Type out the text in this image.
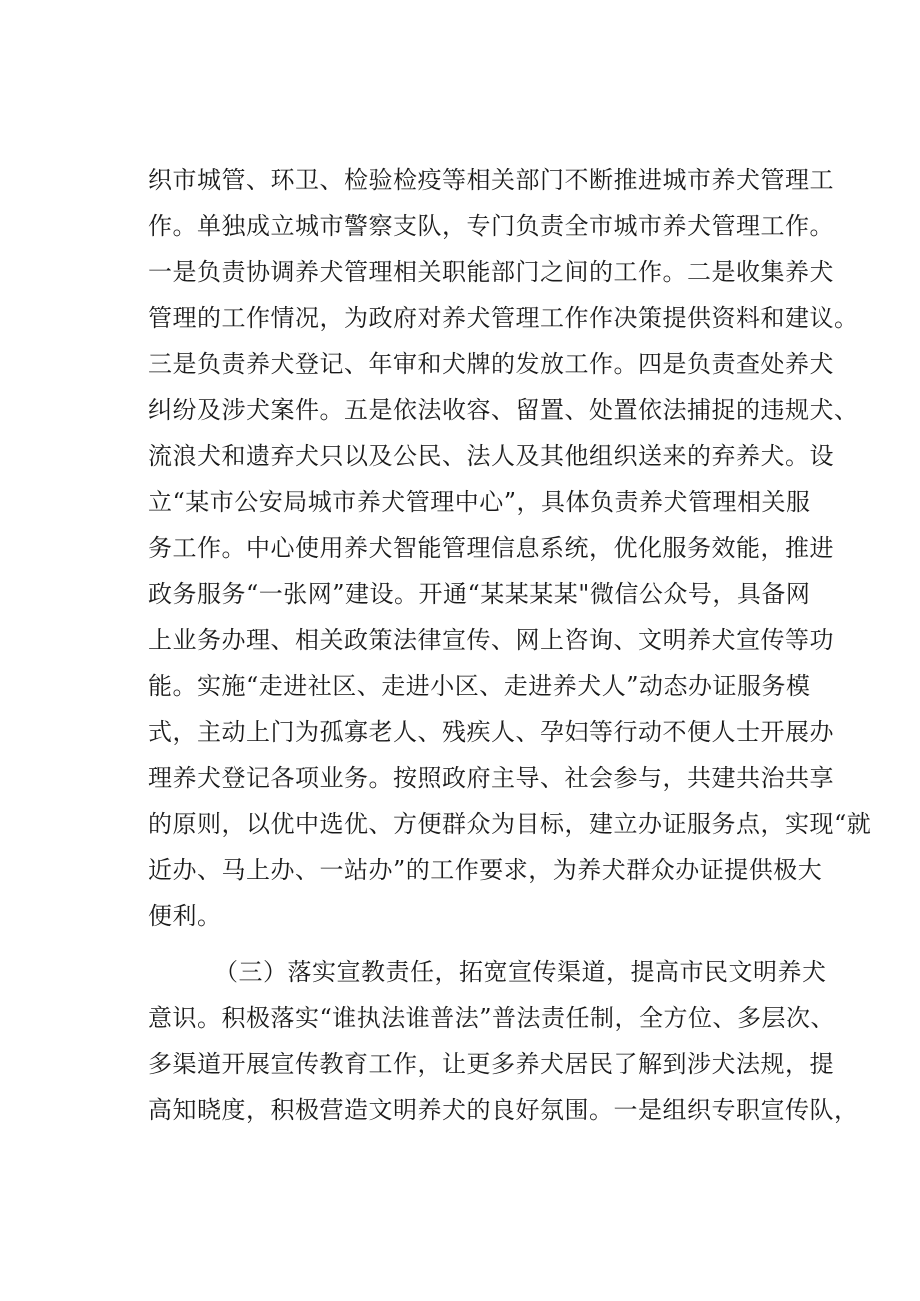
织市城管、环卫、检验检疫等相关部门不断推进城市养犬管理工
作。单独成立城市警察支队，专门负责全市城市养犬管理工作。
一是负责协调养犬管理相关职能部门之间的工作。二是收集养犬
管理的工作情况，为政府对养犬管理工作作决策提供资料和建议。
三是负责养犬登记、年审和犬牌的发放工作。四是负责查处养犬
纠纷及涉犬案件。五是依法收容、留置、处置依法捕捉的违规犬、
流浪犬和遗弃犬只以及公民、法人及其他组织送来的弃养犬。设
立“某市公安局城市养犬管理中心”，具体负责养犬管理相关服
务工作。中心使用养犬智能管理信息系统，优化服务效能，推进
政务服务“一张网”建设。开通“某某某某"微信公众号，具备网
上业务办理、相关政策法律宣传、网上咨询、文明养犬宣传等功
能。实施“走进社区、走进小区、走进养犬人”动态办证服务模
式，主动上门为孤寡老人、残疾人、孕妇等行动不便人士开展办
理养犬登记各项业务。按照政府主导、社会参与，共建共治共享
的原则，以优中选优、方便群众为目标，建立办证服务点，实现“就
近办、马上办、一站办”的工作要求，为养犬群众办证提供极大
便利。
（三）落实宣教责任，拓宽宣传渠道，提高市民文明养犬
意识。积极落实“谁执法谁普法”普法责任制，全方位、多层次、
多渠道开展宣传教育工作，让更多养犬居民了解到涉犬法规，提
高知晓度，积极营造文明养犬的良好氛围。一是组织专职宣传队，
